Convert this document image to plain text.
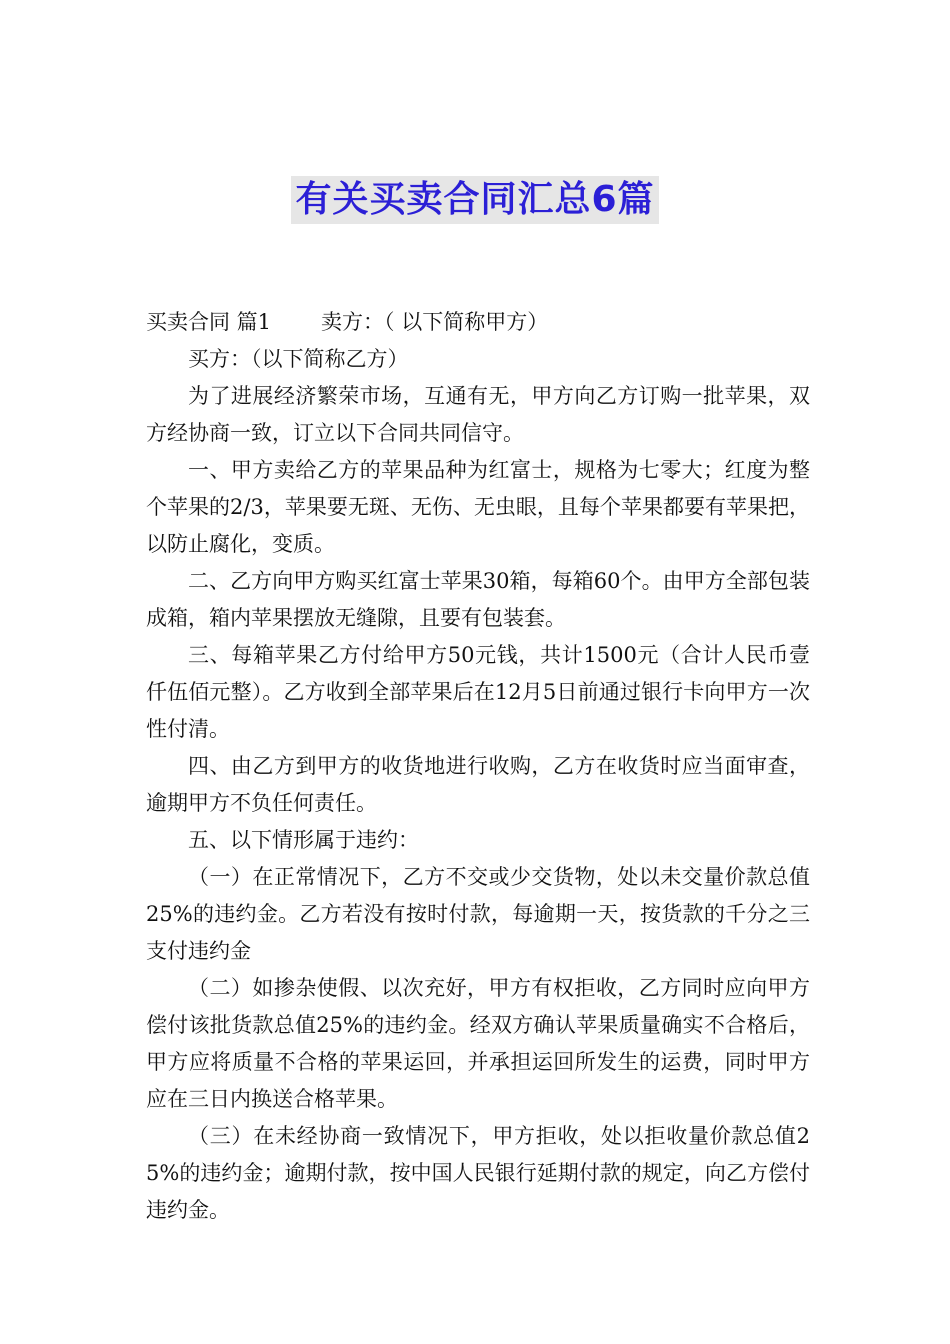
有关买卖合同汇总6篇

买卖合同 篇1 卖方：（ 以下简称甲方）

买方：（以下简称乙方）

为了进展经济繁荣市场，互通有无，甲方向乙方订购一批苹果，双方经协商一致，订立以下合同共同信守。

一、甲方卖给乙方的苹果品种为红富士，规格为七零大；红度为整个苹果的2/3，苹果要无斑、无伤、无虫眼，且每个苹果都要有苹果把，以防止腐化，变质。

二、乙方向甲方购买红富士苹果30箱，每箱60个。由甲方全部包装成箱，箱内苹果摆放无缝隙，且要有包装套。

三、每箱苹果乙方付给甲方50元钱，共计1500元（合计人民币壹仟伍佰元整）。乙方收到全部苹果后在12月5日前通过银行卡向甲方一次性付清。

四、由乙方到甲方的收货地进行收购，乙方在收货时应当面审查，逾期甲方不负任何责任。

五、以下情形属于违约：

（一）在正常情况下，乙方不交或少交货物，处以未交量价款总值25%的违约金。乙方若没有按时付款，每逾期一天，按货款的千分之三支付违约金

（二）如掺杂使假、以次充好，甲方有权拒收，乙方同时应向甲方偿付该批货款总值25%的违约金。经双方确认苹果质量确实不合格后，甲方应将质量不合格的苹果运回，并承担运回所发生的运费，同时甲方应在三日内换送合格苹果。

（三）在未经协商一致情况下，甲方拒收，处以拒收量价款总值25%的违约金；逾期付款，按中国人民银行延期付款的规定，向乙方偿付违约金。
